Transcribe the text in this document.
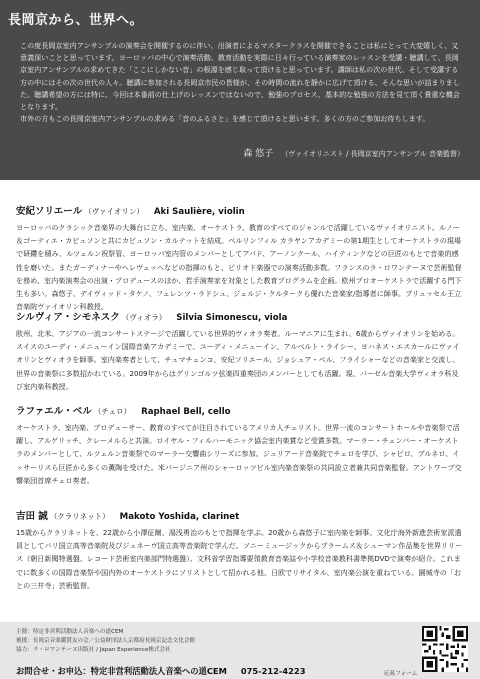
長岡京から、世界へ。

この度長岡京室内アンサンブルの演奏会を開催するのに伴い、出演者によるマスタークラスを開催できることは私にとって大変嬉しく、又意義深いことと思っています。ヨーロッパの中心で演奏活動、教育活動を実際に日々行っている演奏家のレッスンを受講・聴講して、長岡京室内アンサンブルの求めてきた「ここにしかない音」の根源を感じ取って頂けると思っています。講師は私の次の世代、そして受講する方の中にはその次の世代の人々。聴講に参加される長岡京市民の皆様が、その時間の流れを静かに広げて頂ける、そんな思いが詰まりました。聴講希望の方には特に、今回は本番前の仕上げのレッスンではないので、勉強のプロセス、基本的な勉強の方法を見て頂く貴重な機会となります。
市外の方もこの長岡京室内アンサンブルの求める「音のふるさと」を感じて頂けると思います。多くの方のご参加お待ちします。

森 悠子 （ヴァイオリニスト / 長岡京室内アンサンブル 音楽監督）
安紀ソリエール （ヴァイオリン） Aki Saulière, violin

ヨーロッパのクラシック音楽界の大舞台に立ち、室内楽、オーケストラ、教育のすべてのジャンルで活躍しているヴァイオリニスト。ルノー＆ゴーティエ・カピュソンと共にカピュソン・カルテットを結成。ベルリンフィル カラヤンアカデミーの第1期生としてオーケストラの現場で研鑽を積み、ルツェルン祝祭管、ヨーロッパ室内管のメンバーとしてアバド、アーノンクール、ハイティンクなどの巨匠のもとで音楽的感性を磨いた。またガーディナーやヘレヴェッヘなどの指揮のもと、ピリオド楽器での演奏活動多数。フランスのラ・ロワンテーヌで芸術監督を務め、室内楽演奏会の出演・プロデュースのほか、若手演奏家を対象とした教育プログラムを企画。欧州プロオーケストラで活躍する門下生も多い。森悠子、デイヴィッド・タケノ、フェレンツ・ラドシュ、ジェルジ・クルタークら優れた音楽家/指導者に師事。ブリュッセル王立音楽院ヴァイオリン科教授。

シルヴィア・シモネスク （ヴィオラ） Silvia Simonescu, viola

欧州、北米、アジアの一流コンサートステージで活躍している世界的ヴィオラ奏者。ルーマニアに生まれ、6歳からヴァイオリンを始める。スイスのユーディ・メニューイン国際音楽アカデミーで、ユーディ・メニューイン、アルベルト・ライシー、ヨハネス・エスカールにヴァイオリンとヴィオラを師事。室内楽奏者として、チュマチェンコ、安紀ソリエール、ジョシュア・ベル、フライシャーなどの音楽家と交流し、世界の音楽祭に多数招かれている。2009年からはグリンゴルツ弦楽四重奏団のメンバーとしても活躍。現、バーゼル音楽大学ヴィオラ科及び室内楽科教授。

ラファエル・ベル （チェロ） Raphael Bell, cello

オーケストラ、室内楽、プロデューサー、教育のすべてが注目されているアメリカ人チェリスト。世界一流のコンサートホールや音楽祭で活躍し、アルゲリッチ、クレーメルらと共演。ロイヤル・フィルハーモニック協会室内楽賞など受賞多数。マーラー・チェンバー・オーケストラのメンバーとして、ルツェルン音楽祭でのマーラー交響曲シリーズに参加。ジュリアード音楽院でチェロを学び、シャピロ、ブルネロ、イッサーリスら巨匠から多くの薫陶を受けた。米バージニア州のシャーロッツビル室内楽音楽祭の共同設立者兼共同音楽監督。アントワープ交響楽団首席チェロ奏者。

吉田 誠 （クラリネット） Makoto Yoshida, clarinet

15歳からクラリネットを、22歳から小澤征爾、湯浅勇治のもとで指揮を学ぶ。20歳から森悠子に室内楽を師事。文化庁海外新進芸術家派遣員としてパリ国立高等音楽院及びジュネーヴ国立高等音楽院で学んだ。ソニーミュージックからブラームス＆シューマン作品集を世界リリース（朝日新聞特選盤、レコード芸術室内楽部門特選盤）。文科省学習指導要領教育音楽誌や小学校音楽教科書準拠DVDで演奏が紹介。これまでに数多くの国際音楽祭や国内外のオーケストラにソリストとして招かれる他、日欧でリサイタル、室内楽公演を重ねている。園城寺の「おとの三井寺」芸術監督。

主催：特定非営利活動法人音楽への道CEM
後援：長岡京音楽鑑賞友の会／公益財団法人京都府長岡京記念文化会館
協力：ラ・ロワンテーヌ出版社 / Japan Experience株式会社
お問合せ・お申込：特定非営利活動法人音楽への道CEM 075-212-4223	応募フォーム
